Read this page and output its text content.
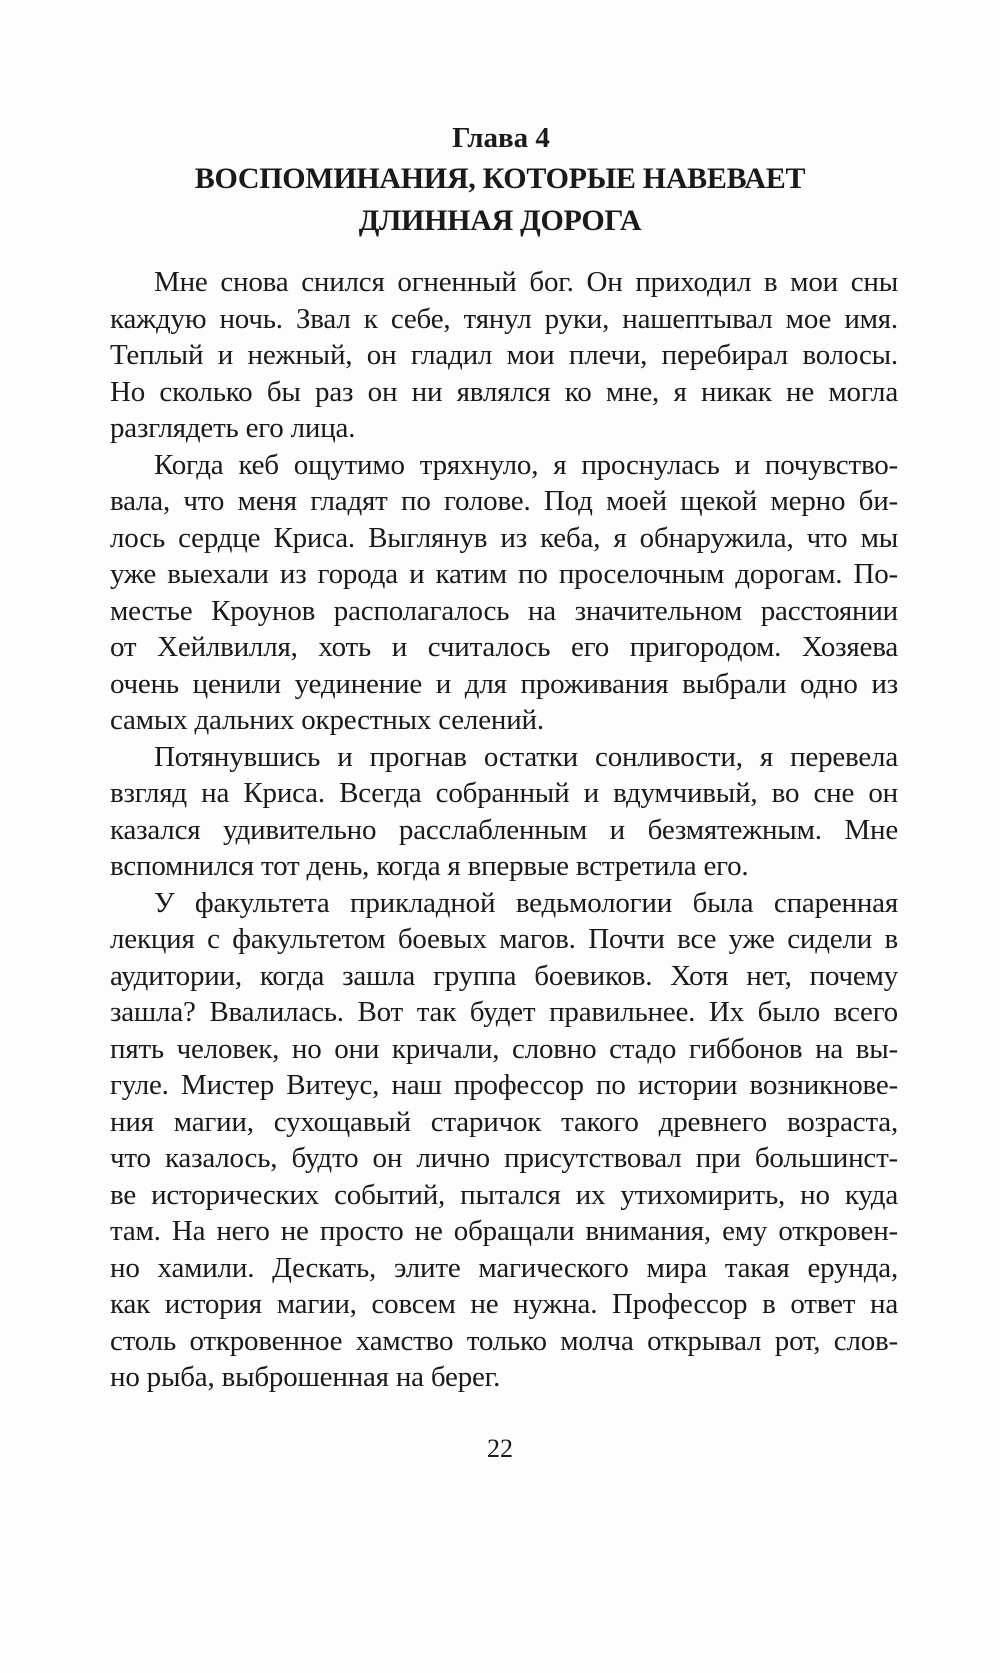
Глава 4

ВОСПОМИНАНИЯ, КОТОРЫЕ НАВЕВАЕТ

ДЛИННАЯ ДОРОГА

Мне снова снился огненный бог. Он приходил в мои сны
каждую ночь. Звал к себе, тянул руки, нашептывал мое имя.
Теплый и нежный, он гладил мои плечи, перебирал волосы.
Но сколько бы раз он ни являлся ко мне, я никак не могла
разглядеть его лица.
Когда кеб ощутимо тряхнуло, я проснулась и почувство-
вала, что меня гладят по голове. Под моей щекой мерно би-
лось сердце Криса. Выглянув из кеба, я обнаружила, что мы
уже выехали из города и катим по проселочным дорогам. По-
местье Кроунов располагалось на значительном расстоянии
от Хейлвилля, хоть и считалось его пригородом. Хозяева
очень ценили уединение и для проживания выбрали одно из
самых дальних окрестных селений.
Потянувшись и прогнав остатки сонливости, я перевела
взгляд на Криса. Всегда собранный и вдумчивый, во сне он
казался удивительно расслабленным и безмятежным. Мне
вспомнился тот день, когда я впервые встретила его.
У факультета прикладной ведьмологии была спаренная
лекция с факультетом боевых магов. Почти все уже сидели в
аудитории, когда зашла группа боевиков. Хотя нет, почему
зашла? Ввалилась. Вот так будет правильнее. Их было всего
пять человек, но они кричали, словно стадо гиббонов на вы-
гуле. Мистер Витеус, наш профессор по истории возникнове-
ния магии, сухощавый старичок такого древнего возраста,
что казалось, будто он лично присутствовал при большинст-
ве исторических событий, пытался их утихомирить, но куда
там. На него не просто не обращали внимания, ему откровен-
но хамили. Дескать, элите магического мира такая ерунда,
как история магии, совсем не нужна. Профессор в ответ на
столь откровенное хамство только молча открывал рот, слов-
но рыба, выброшенная на берег.
22
